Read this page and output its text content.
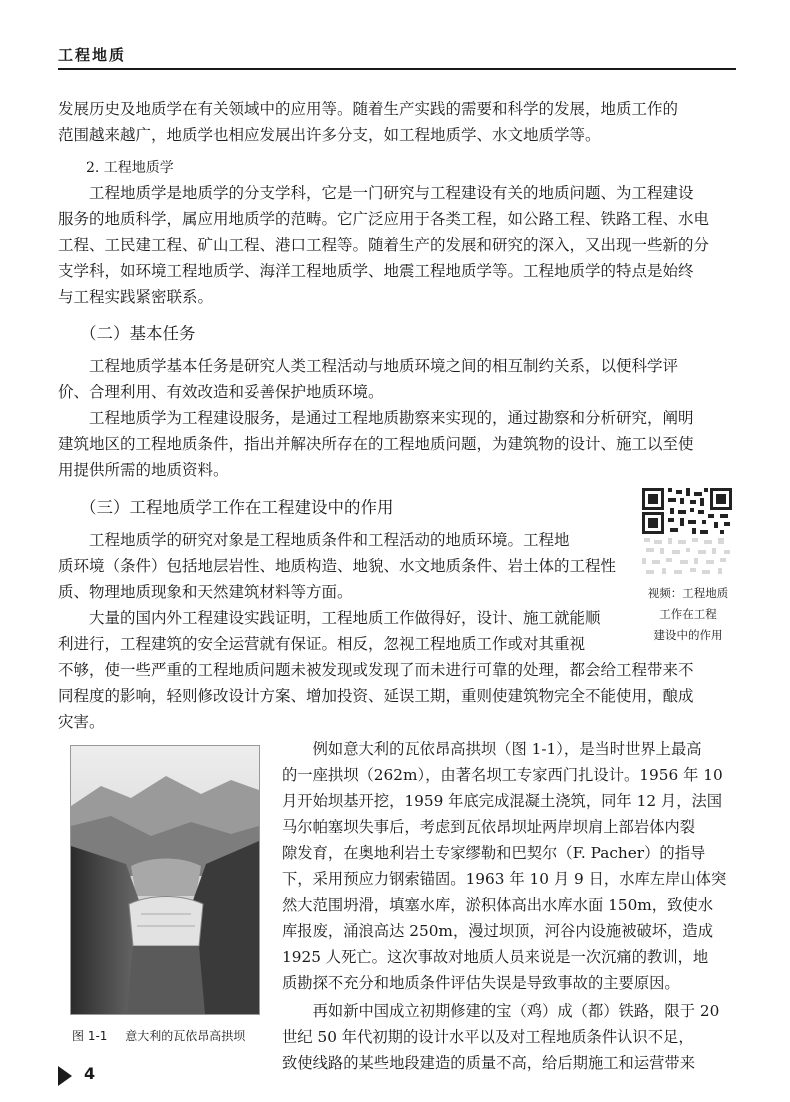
工程地质
发展历史及地质学在有关领域中的应用等。随着生产实践的需要和科学的发展，地质工作的
范围越来越广，地质学也相应发展出许多分支，如工程地质学、水文地质学等。
2. 工程地质学
　　工程地质学是地质学的分支学科，它是一门研究与工程建设有关的地质问题、为工程建设
服务的地质科学，属应用地质学的范畴。它广泛应用于各类工程，如公路工程、铁路工程、水电
工程、工民建工程、矿山工程、港口工程等。随着生产的发展和研究的深入，又出现一些新的分
支学科，如环境工程地质学、海洋工程地质学、地震工程地质学等。工程地质学的特点是始终
与工程实践紧密联系。
（二）基本任务
　　工程地质学基本任务是研究人类工程活动与地质环境之间的相互制约关系，以便科学评
价、合理利用、有效改造和妥善保护地质环境。
　　工程地质学为工程建设服务，是通过工程地质勘察来实现的，通过勘察和分析研究，阐明
建筑地区的工程地质条件，指出并解决所存在的工程地质问题，为建筑物的设计、施工以至使
用提供所需的地质资料。
（三）工程地质学工作在工程建设中的作用
　　工程地质学的研究对象是工程地质条件和工程活动的地质环境。工程地
质环境（条件）包括地层岩性、地质构造、地貌、水文地质条件、岩土体的工程性
质、物理地质现象和天然建筑材料等方面。
　　大量的国内外工程建设实践证明，工程地质工作做得好，设计、施工就能顺
利进行，工程建筑的安全运营就有保证。相反，忽视工程地质工作或对其重视
不够，使一些严重的工程地质问题未被发现或发现了而未进行可靠的处理，都会给工程带来不
同程度的影响，轻则修改设计方案、增加投资、延误工期，重则使建筑物完全不能使用，酿成
灾害。
视频：工程地质
工作在工程
建设中的作用
图 1-1 意大利的瓦依昂高拱坝
　　例如意大利的瓦依昂高拱坝（图 1-1），是当时世界上最高
的一座拱坝（262m），由著名坝工专家西门扎设计。1956 年 10
月开始坝基开挖，1959 年底完成混凝土浇筑，同年 12 月，法国
马尔帕塞坝失事后，考虑到瓦依昂坝址两岸坝肩上部岩体内裂
隙发育，在奥地利岩土专家缪勒和巴契尔（F. Pacher）的指导
下，采用预应力钢索锚固。1963 年 10 月 9 日，水库左岸山体突
然大范围坍滑，填塞水库，淤积体高出水库水面 150m，致使水
库报废，涌浪高达 250m，漫过坝顶，河谷内设施被破坏，造成
1925 人死亡。这次事故对地质人员来说是一次沉痛的教训，地
质勘探不充分和地质条件评估失误是导致事故的主要原因。
　　再如新中国成立初期修建的宝（鸡）成（都）铁路，限于 20
世纪 50 年代初期的设计水平以及对工程地质条件认识不足，
致使线路的某些地段建造的质量不高，给后期施工和运营带来
4
